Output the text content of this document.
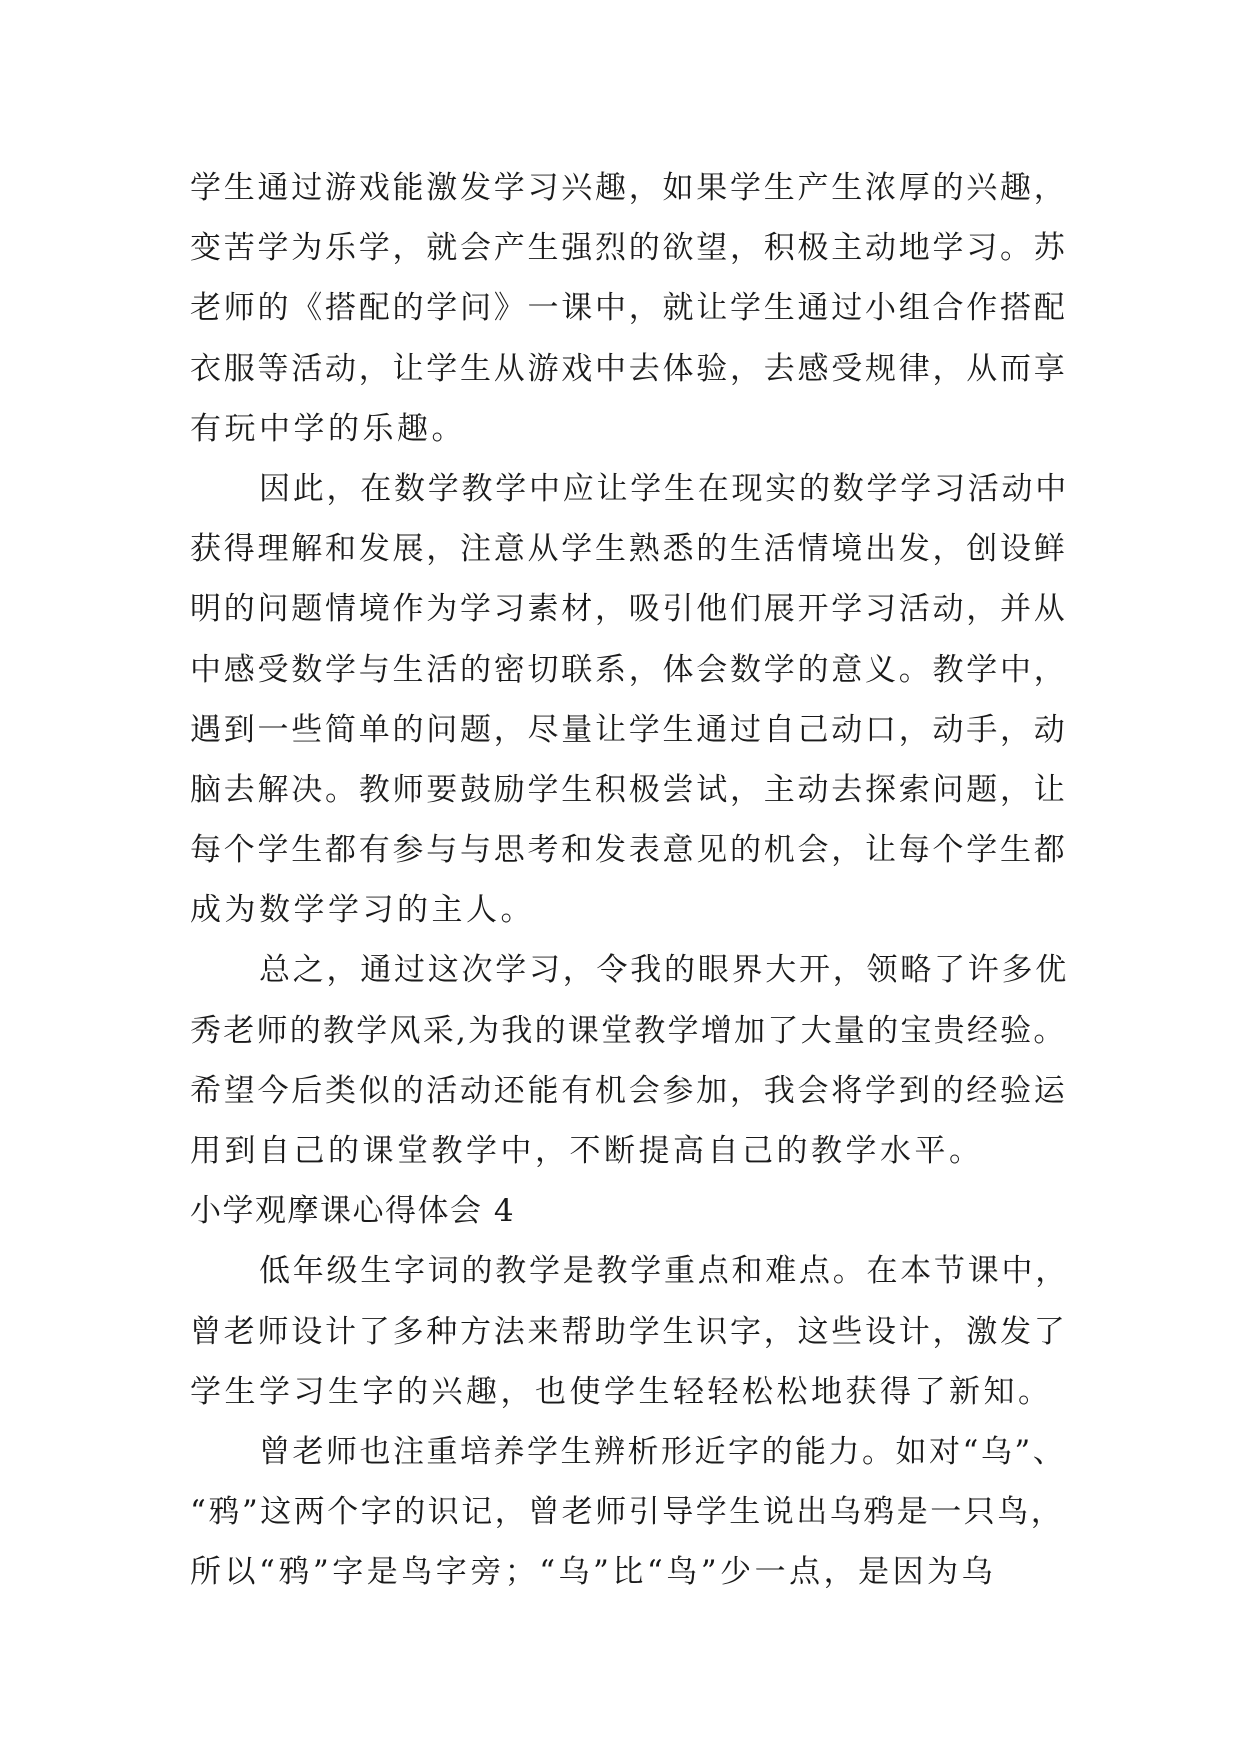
学生通过游戏能激发学习兴趣，如果学生产生浓厚的兴趣，
变苦学为乐学，就会产生强烈的欲望，积极主动地学习。苏
老师的《搭配的学问》一课中，就让学生通过小组合作搭配
衣服等活动，让学生从游戏中去体验，去感受规律，从而享
有玩中学的乐趣。
因此，在数学教学中应让学生在现实的数学学习活动中
获得理解和发展，注意从学生熟悉的生活情境出发，创设鲜
明的问题情境作为学习素材，吸引他们展开学习活动，并从
中感受数学与生活的密切联系，体会数学的意义。教学中，
遇到一些简单的问题，尽量让学生通过自己动口，动手，动
脑去解决。教师要鼓励学生积极尝试，主动去探索问题，让
每个学生都有参与与思考和发表意见的机会，让每个学生都
成为数学学习的主人。
总之，通过这次学习，令我的眼界大开，领略了许多优
秀老师的教学风采,为我的课堂教学增加了大量的宝贵经验。
希望今后类似的活动还能有机会参加，我会将学到的经验运
用到自己的课堂教学中，不断提高自己的教学水平。
小学观摩课心得体会 4
低年级生字词的教学是教学重点和难点。在本节课中，
曾老师设计了多种方法来帮助学生识字，这些设计，激发了
学生学习生字的兴趣，也使学生轻轻松松地获得了新知。
曾老师也注重培养学生辨析形近字的能力。如对“乌”、
“鸦”这两个字的识记，曾老师引导学生说出乌鸦是一只鸟，
所以“鸦”字是鸟字旁；“乌”比“鸟”少一点，是因为乌
